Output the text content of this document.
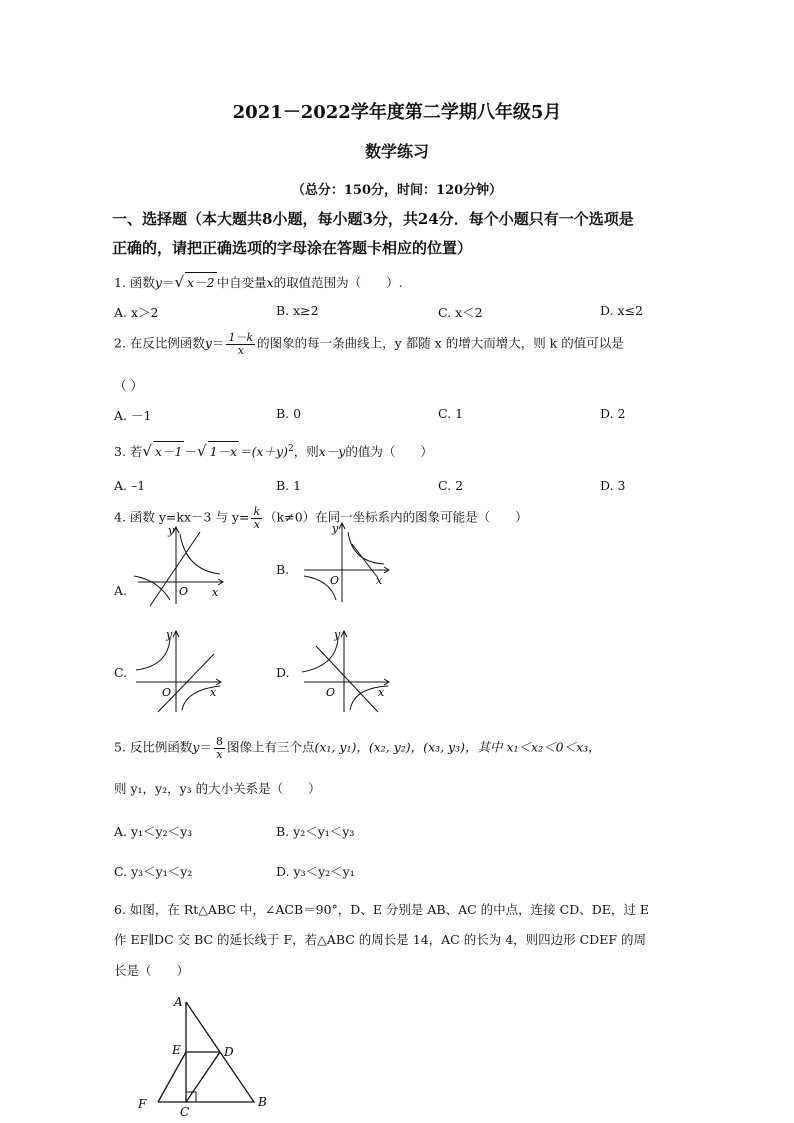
2021－2022学年度第二学期八年级5月
数学练习
（总分：150分，时间：120分钟）
一、选择题（本大题共8小题，每小题3分，共24分．每个小题只有一个选项是
正确的，请把正确选项的字母涂在答题卡相应的位置）
1. 函数y＝√ x－2 中自变量x的取值范围为（　　）.
A. x＞2	B. x≥2	C. x＜2	D. x≤2
2. 在反比例函数$y= \frac{1-k}{x}$ 的图象的每一条曲线上，y 都随 x 的增大而增大，则 k 的值可以是
（ ）
A. －1	B. 0	C. 1	D. 2
3. 若√ x－1 －√ $1-x =(x+y)^2$，则x－y的值为（　　）
A. –1	B. 1	C. 2	D. 3
4. 函数 y=kx－3 与 $y= \frac{k}{x} (k\ne 0)$在同一坐标系内的图象可能是（　　）
A.
y
O x
B.
y
O	x
C.
y
O	x
D.
y
O	x
5. 反比例函数$y= \frac{8}{x}$ 图像上有三个点(x₁, y₁)，(x₂, y₂)，(x₃, y₃)，其中 x₁＜x₂＜0＜x₃，
则 y₁，y₂，y₃ 的大小关系是（　　）
A. y₁＜y₂＜y₃	B. y₂＜y₁＜y₃
C. y₃＜y₁＜y₂	D. y₃＜y₂＜y₁
6. 如图，在 Rt△ABC 中，∠ACB＝90°，D、E 分别是 AB、AC 的中点，连接 CD、DE，过 E
作 EF∥DC 交 BC 的延长线于 F，若△ABC 的周长是 14，AC 的长为 4，则四边形 CDEF 的周
长是（　　）
A
B
C
D
E
F
